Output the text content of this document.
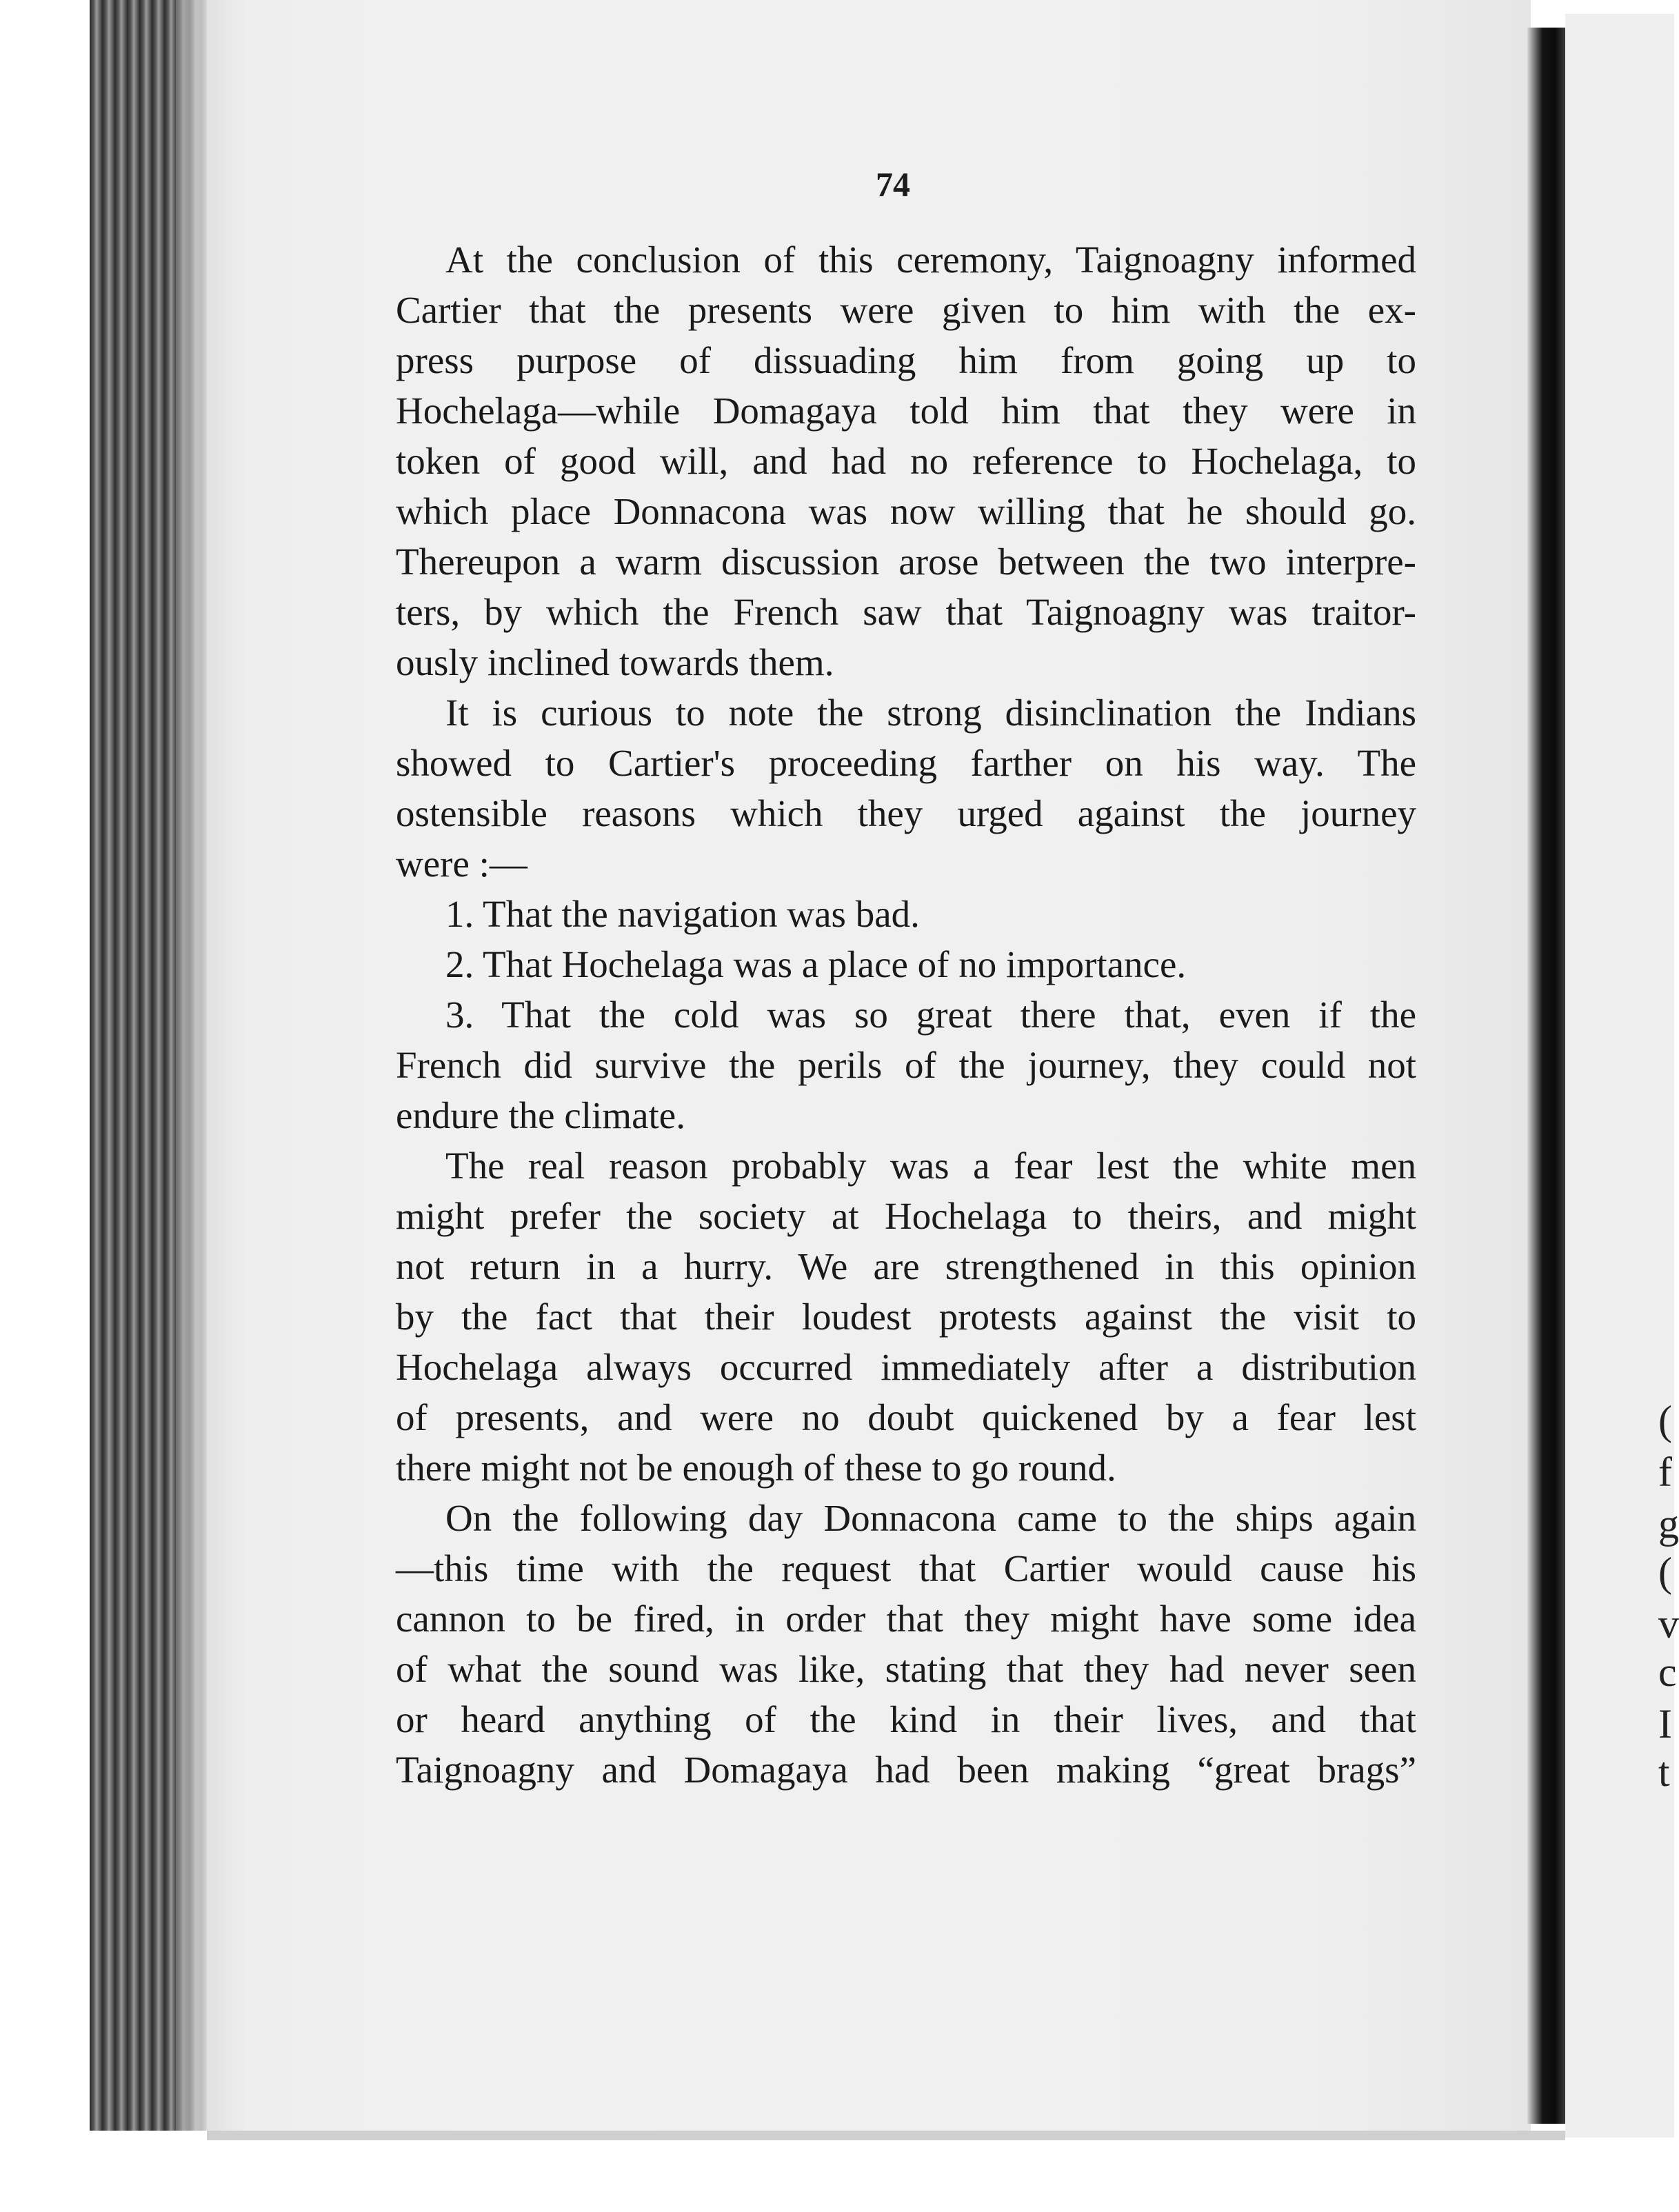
(
f
g
(
v
c
I
t
74
At the conclusion of this ceremony, Taignoagny informed
Cartier that the presents were given to him with the ex-
press purpose of dissuading him from going up to
Hochelaga—while Domagaya told him that they were in
token of good will, and had no reference to Hochelaga, to
which place Donnacona was now willing that he should go.
Thereupon a warm discussion arose between the two interpre-
ters, by which the French saw that Taignoagny was traitor-
ously inclined towards them.
It is curious to note the strong disinclination the Indians
showed to Cartier's proceeding farther on his way. The
ostensible reasons which they urged against the journey
were :—
1. That the navigation was bad.
2. That Hochelaga was a place of no importance.
3. That the cold was so great there that, even if the
French did survive the perils of the journey, they could not
endure the climate.
The real reason probably was a fear lest the white men
might prefer the society at Hochelaga to theirs, and might
not return in a hurry. We are strengthened in this opinion
by the fact that their loudest protests against the visit to
Hochelaga always occurred immediately after a distribution
of presents, and were no doubt quickened by a fear lest
there might not be enough of these to go round.
On the following day Donnacona came to the ships again
—this time with the request that Cartier would cause his
cannon to be fired, in order that they might have some idea
of what the sound was like, stating that they had never seen
or heard anything of the kind in their lives, and that
Taignoagny and Domagaya had been making “great brags”
